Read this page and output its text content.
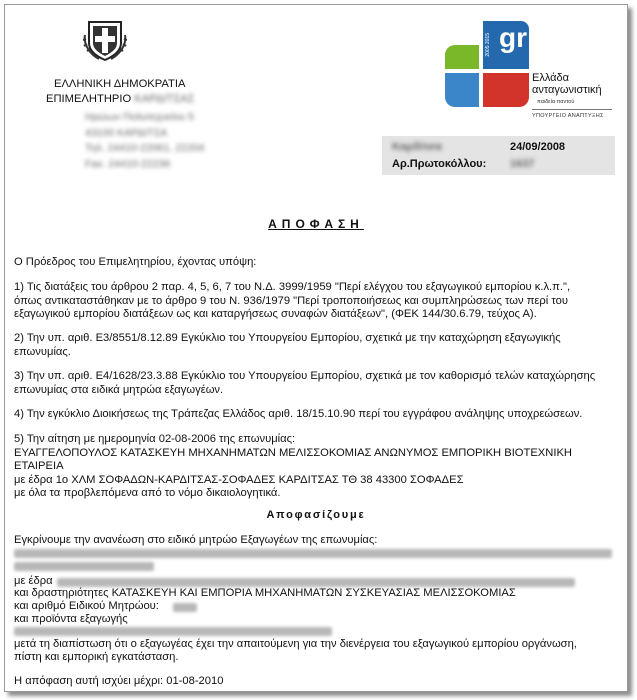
ΕΛΛΗΝΙΚΗ ΔΗΜΟΚΡΑΤΙΑ
ΕΠΙΜΕΛΗΤΗΡΙΟ ΚΑΡΔΙΤΣΑΣ
Ηρώων Πολυτεχνείου 5
43100 ΚΑΡΔΙΤΣΑ
Τηλ. 24410-22061, 22204
Fax. 24410-22236
gr
2005 2015
Ελλάδα
ανταγωνιστική
παιδεία παντού
ΥΠΟΥΡΓΕΙΟ ΑΝΑΠΤΥΞΗΣ
Καρδίτσα	24/09/2008
Αρ.Πρωτοκόλλου: 1637
ΑΠΟΦΑΣΗ
Ο Πρόεδρος του Επιμελητηρίου, έχοντας υπόψη:
1) Τις διατάξεις του άρθρου 2 παρ. 4, 5, 6, 7 του Ν.Δ. 3999/1959 "Περί ελέγχου του εξαγωγικού εμπορίου κ.λ.π.",
όπως αντικαταστάθηκαν με το άρθρο 9 του Ν. 936/1979 "Περί τροποποιήσεως και συμπληρώσεως των περί του
εξαγωγικού εμπορίου διατάξεων ως και καταργήσεως συναφών διατάξεων", (ΦΕΚ 144/30.6.79, τεύχος Α).
2) Την υπ. αριθ. Ε3/8551/8.12.89 Εγκύκλιο του Υπουργείου Εμπορίου, σχετικά με την καταχώρηση εξαγωγικής
επωνυμίας.
3) Την υπ. αριθ. Ε4/1628/23.3.88 Εγκύκλιο του Υπουργείου Εμπορίου, σχετικά με τον καθορισμό τελών καταχώρησης
επωνυμίας στα ειδικά μητρώα εξαγωγέων.
4) Την εγκύκλιο Διοικήσεως της Τράπεζας Ελλάδος αριθ. 18/15.10.90 περί του εγγράφου ανάληψης υποχρεώσεων.
5) Την αίτηση με ημερομηνία 02-08-2006 της επωνυμίας:
ΕΥΑΓΓΕΛΟΠΟΥΛΟΣ ΚΑΤΑΣΚΕΥΗ ΜΗΧΑΝΗΜΑΤΩΝ ΜΕΛΙΣΣΟΚΟΜΙΑΣ ΑΝΩΝΥΜΟΣ ΕΜΠΟΡΙΚΗ ΒΙΟΤΕΧΝΙΚΗ
ΕΤΑΙΡΕΙΑ
με έδρα 1ο ΧΛΜ ΣΟΦΑΔΩΝ-ΚΑΡΔΙΤΣΑΣ-ΣΟΦΑΔΕΣ ΚΑΡΔΙΤΣΑΣ ΤΘ 38 43300 ΣΟΦΑΔΕΣ
με όλα τα προβλεπόμενα από το νόμο δικαιολογητικά.
Αποφασίζουμε
Εγκρίνουμε την ανανέωση στο ειδικό μητρώο Εξαγωγέων της επωνυμίας:
με έδρα
και δραστηριότητες ΚΑΤΑΣΚΕΥΗ ΚΑΙ ΕΜΠΟΡΙΑ ΜΗΧΑΝΗΜΑΤΩΝ ΣΥΣΚΕΥΑΣΙΑΣ ΜΕΛΙΣΣΟΚΟΜΙΑΣ
και αριθμό Ειδικού Μητρώου:
και προϊόντα εξαγωγής
μετά τη διαπίστωση ότι ο εξαγωγέας έχει την απαιτούμενη για την διενέργεια του εξαγωγικού εμπορίου οργάνωση,
πίστη και εμπορική εγκατάσταση.
Η απόφαση αυτή ισχύει μέχρι: 01-08-2010
